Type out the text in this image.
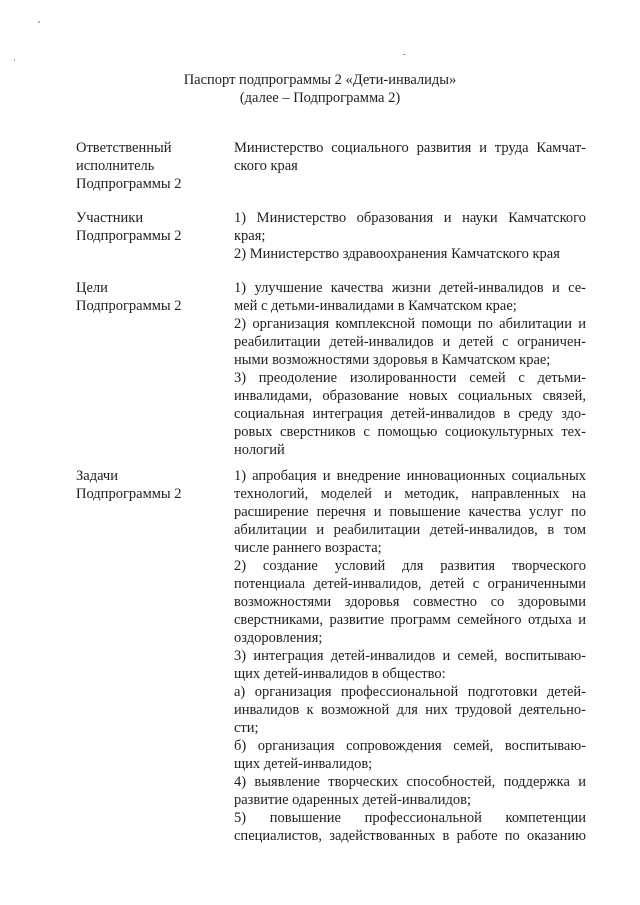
Паспорт подпрограммы 2 «Дети-инвалиды»
(далее – Подпрограмма 2)
Ответственный
исполнитель
Подпрограммы 2
Министерство социального развития и труда Камчат-
ского края
Участники
Подпрограммы 2
1) Министерство образования и науки Камчатского
края;
2) Министерство здравоохранения Камчатского края
Цели
Подпрограммы 2
1) улучшение качества жизни детей-инвалидов и се-
мей с детьми-инвалидами в Камчатском крае;
2) организация комплексной помощи по абилитации и
реабилитации детей-инвалидов и детей с ограничен-
ными возможностями здоровья в Камчатском крае;
3) преодоление изолированности семей с детьми-
инвалидами, образование новых социальных связей,
социальная интеграция детей-инвалидов в среду здо-
ровых сверстников с помощью социокультурных тех-
нологий
Задачи
Подпрограммы 2
1) апробация и внедрение инновационных социальных
технологий, моделей и методик, направленных на
расширение перечня и повышение качества услуг по
абилитации и реабилитации детей-инвалидов, в том
числе раннего возраста;
2) создание условий для развития творческого
потенциала детей-инвалидов, детей с ограниченными
возможностями здоровья совместно со здоровыми
сверстниками, развитие программ семейного отдыха и
оздоровления;
3) интеграция детей-инвалидов и семей, воспитываю-
щих детей-инвалидов в общество:
а) организация профессиональной подготовки детей-
инвалидов к возможной для них трудовой деятельно-
сти;
б) организация сопровождения семей, воспитываю-
щих детей-инвалидов;
4) выявление творческих способностей, поддержка и
развитие одаренных детей-инвалидов;
5) повышение профессиональной компетенции
специалистов, задействованных в работе по оказанию
